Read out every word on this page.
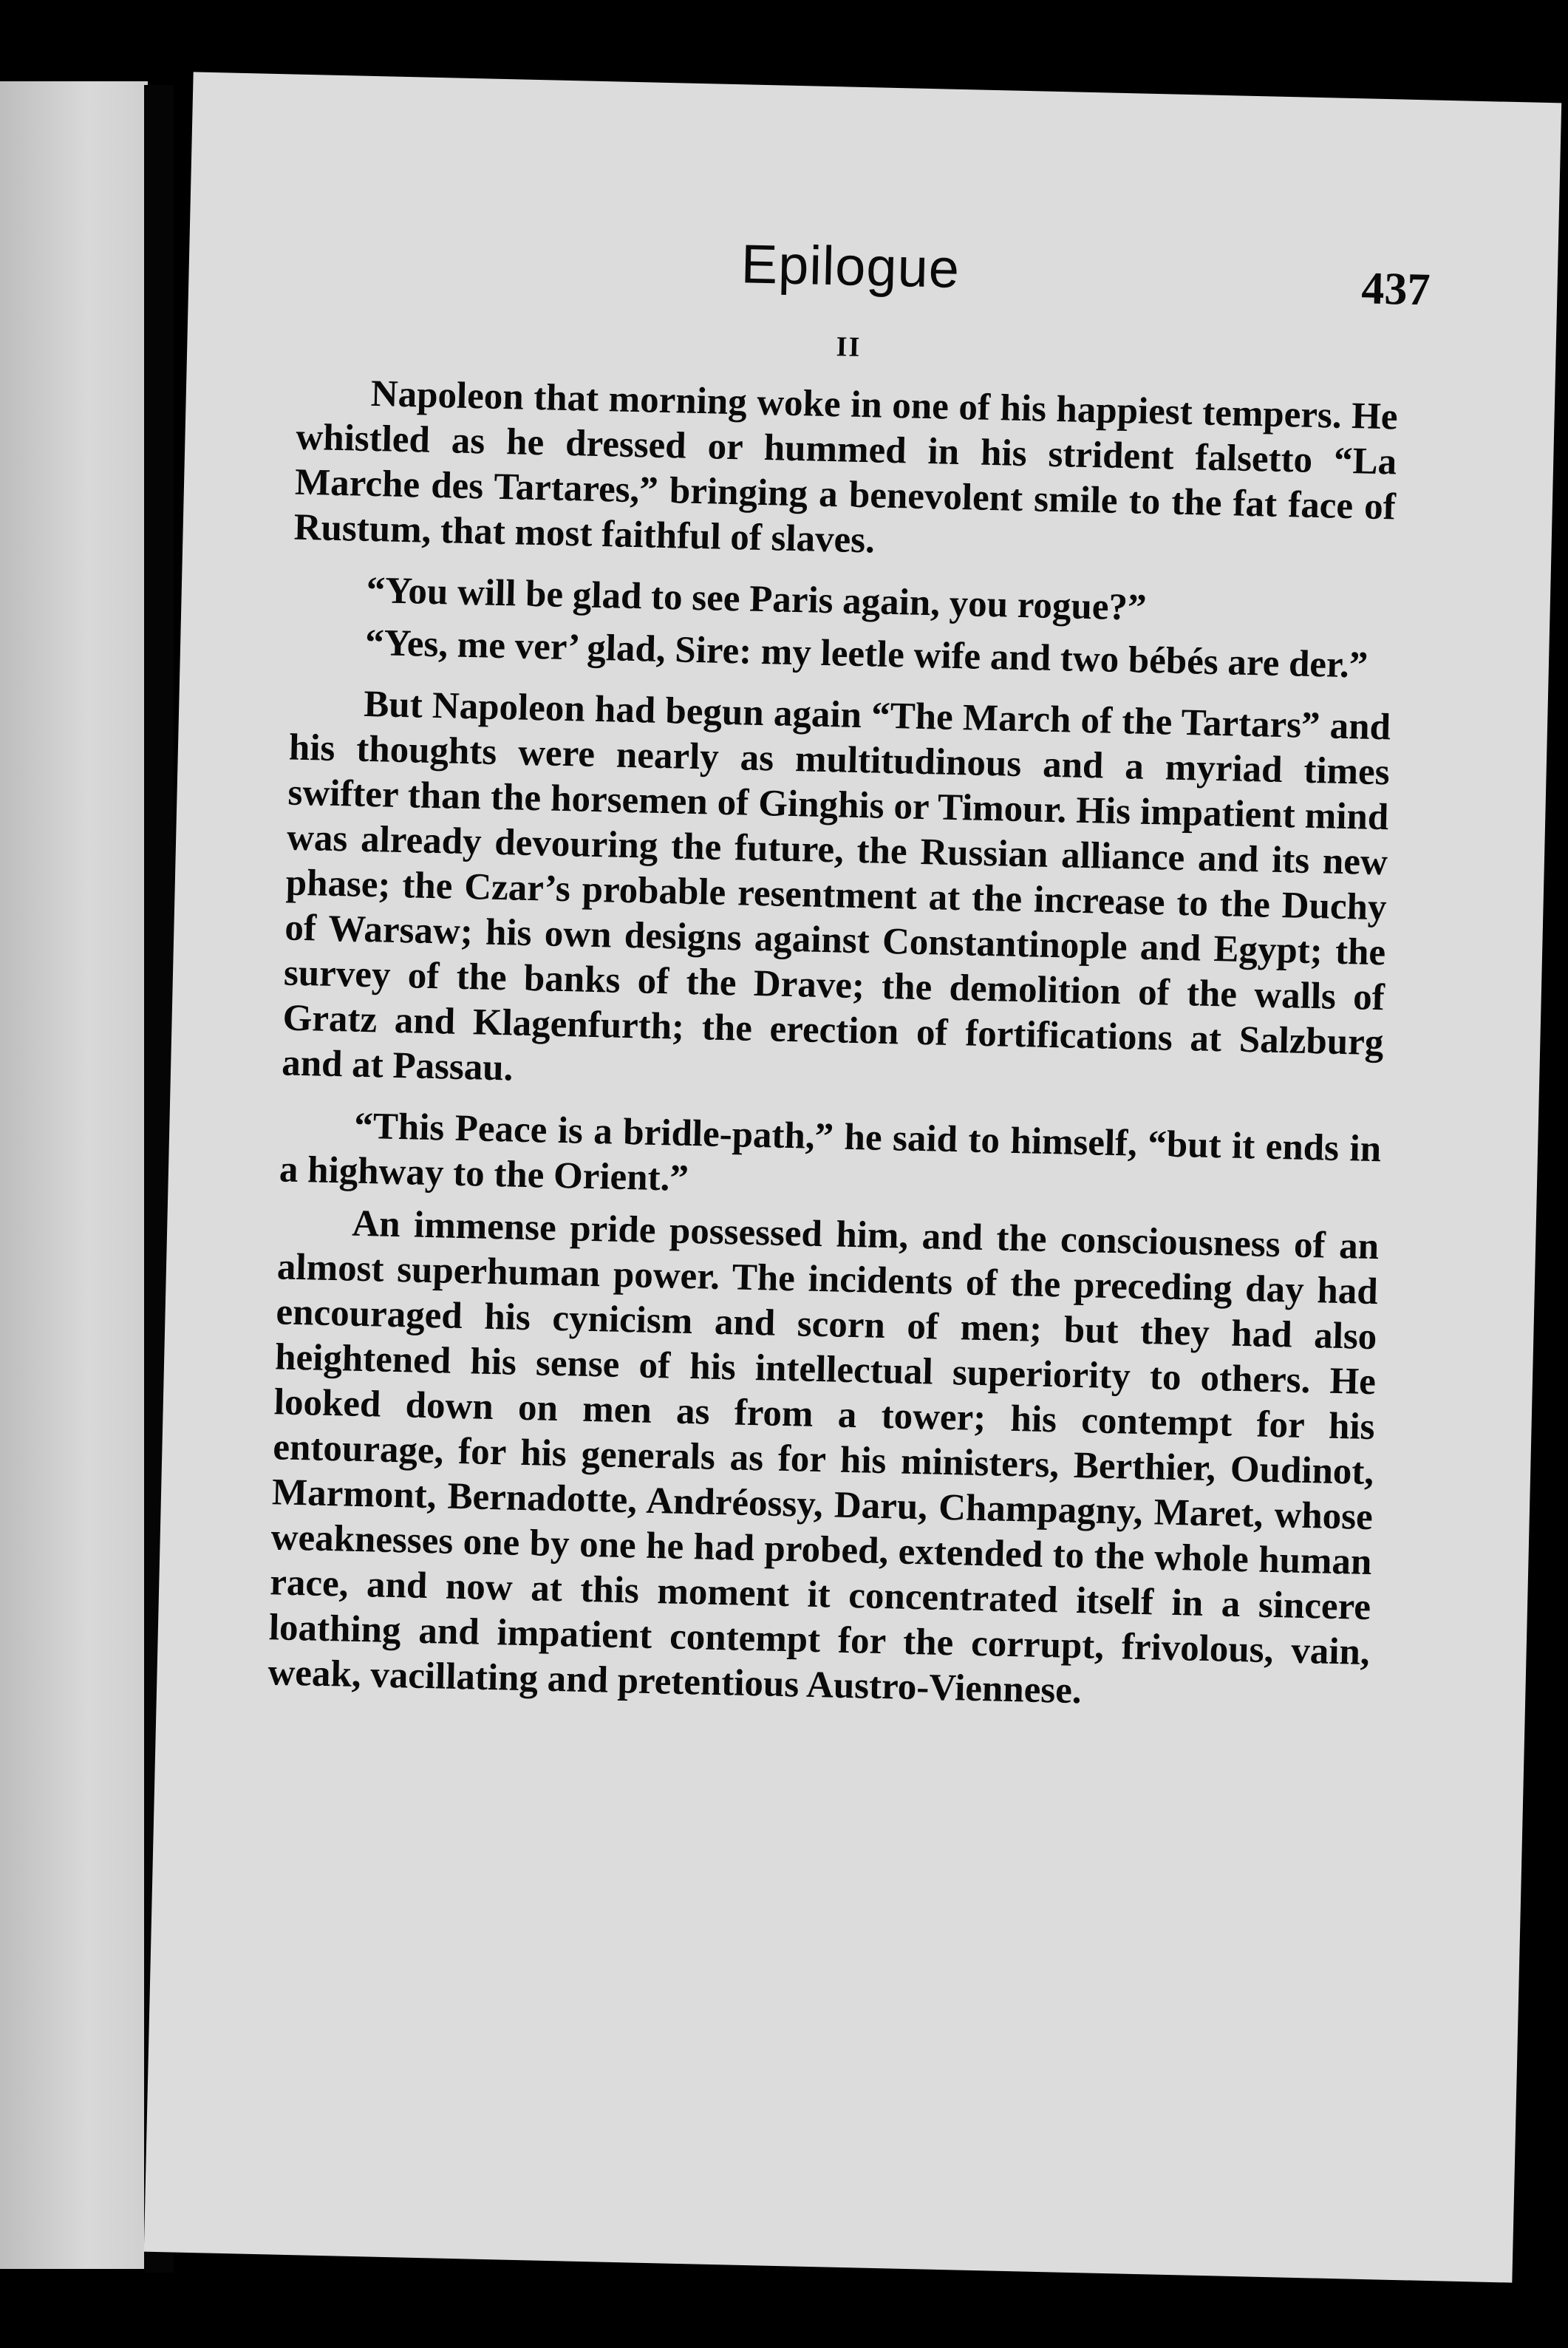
Epilogue	437
II

Napoleon that morning woke in one of his happiest tempers. He whistled as he dressed or hummed in his strident falsetto “La Marche des Tartares,” bringing a benevolent smile to the fat face of Rustum, that most faithful of slaves.

“You will be glad to see Paris again, you rogue?”

“Yes, me ver’ glad, Sire: my leetle wife and two bébés are der.”

But Napoleon had begun again “The March of the Tartars” and his thoughts were nearly as multitudinous and a myriad times swifter than the horsemen of Ginghis or Timour. His impatient mind was already devouring the future, the Russian alliance and its new phase; the Czar’s probable resentment at the increase to the Duchy of Warsaw; his own designs against Constantinople and Egypt; the survey of the banks of the Drave; the demolition of the walls of Gratz and Klagenfurth; the erection of fortifications at Salzburg and at Passau.

“This Peace is a bridle-path,” he said to himself, “but it ends in a highway to the Orient.”

An immense pride possessed him, and the consciousness of an almost superhuman power. The incidents of the preceding day had encouraged his cynicism and scorn of men; but they had also heightened his sense of his intellectual superiority to others. He looked down on men as from a tower; his contempt for his entourage, for his generals as for his ministers, Berthier, Oudinot, Marmont, Bernadotte, Andréossy, Daru, Champagny, Maret, whose weaknesses one by one he had probed, extended to the whole human race, and now at this moment it concentrated itself in a sincere loathing and impatient contempt for the corrupt, frivolous, vain, weak, vacillating and pretentious Austro-Viennese.
